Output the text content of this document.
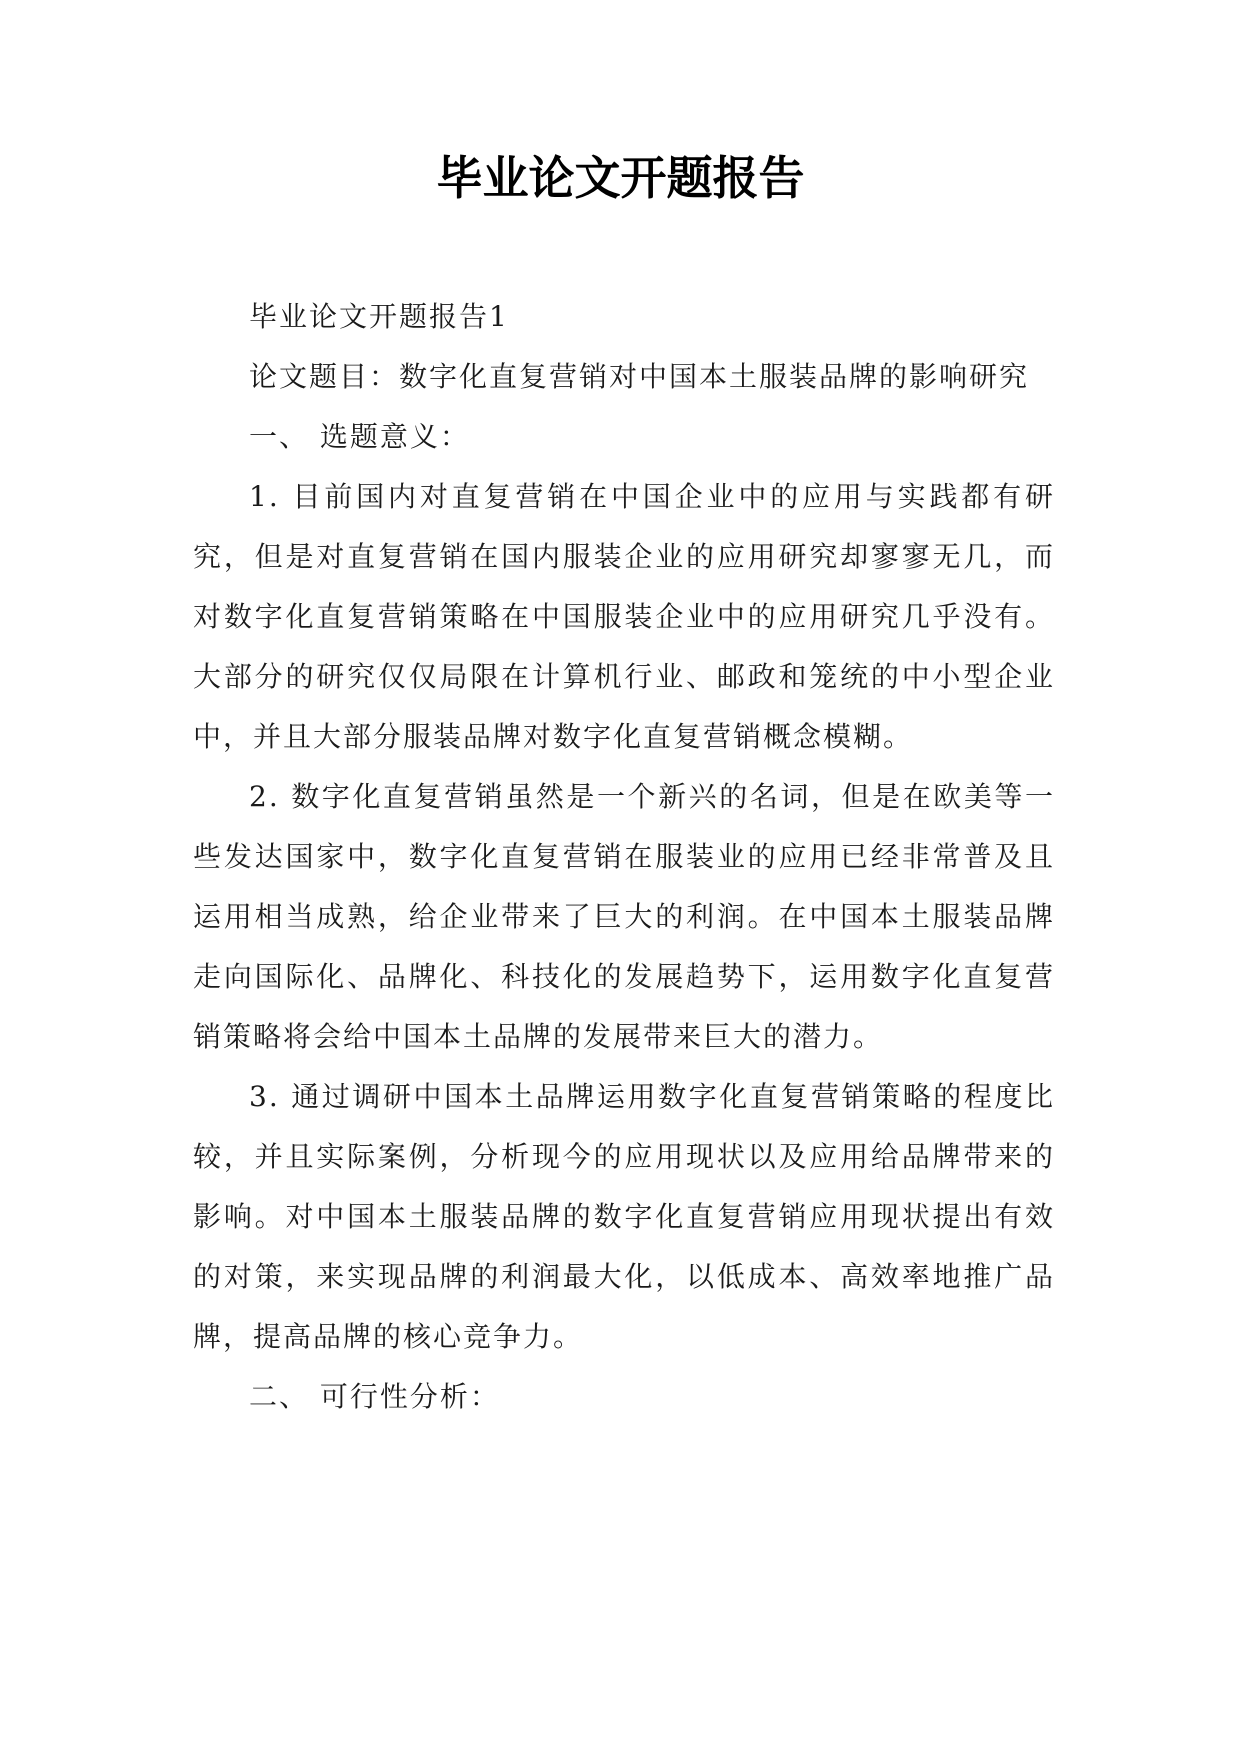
毕业论文开题报告

毕业论文开题报告1

论文题目：数字化直复营销对中国本土服装品牌的影响研究

一、 选题意义：

1. 目前国内对直复营销在中国企业中的应用与实践都有研究，但是对直复营销在国内服装企业的应用研究却寥寥无几，而对数字化直复营销策略在中国服装企业中的应用研究几乎没有。大部分的研究仅仅局限在计算机行业、邮政和笼统的中小型企业中，并且大部分服装品牌对数字化直复营销概念模糊。

2. 数字化直复营销虽然是一个新兴的名词，但是在欧美等一些发达国家中，数字化直复营销在服装业的应用已经非常普及且运用相当成熟，给企业带来了巨大的利润。在中国本土服装品牌走向国际化、品牌化、科技化的发展趋势下，运用数字化直复营销策略将会给中国本土品牌的发展带来巨大的潜力。

3. 通过调研中国本土品牌运用数字化直复营销策略的程度比较，并且实际案例，分析现今的应用现状以及应用给品牌带来的影响。对中国本土服装品牌的数字化直复营销应用现状提出有效的对策，来实现品牌的利润最大化，以低成本、高效率地推广品牌，提高品牌的核心竞争力。

二、 可行性分析：
